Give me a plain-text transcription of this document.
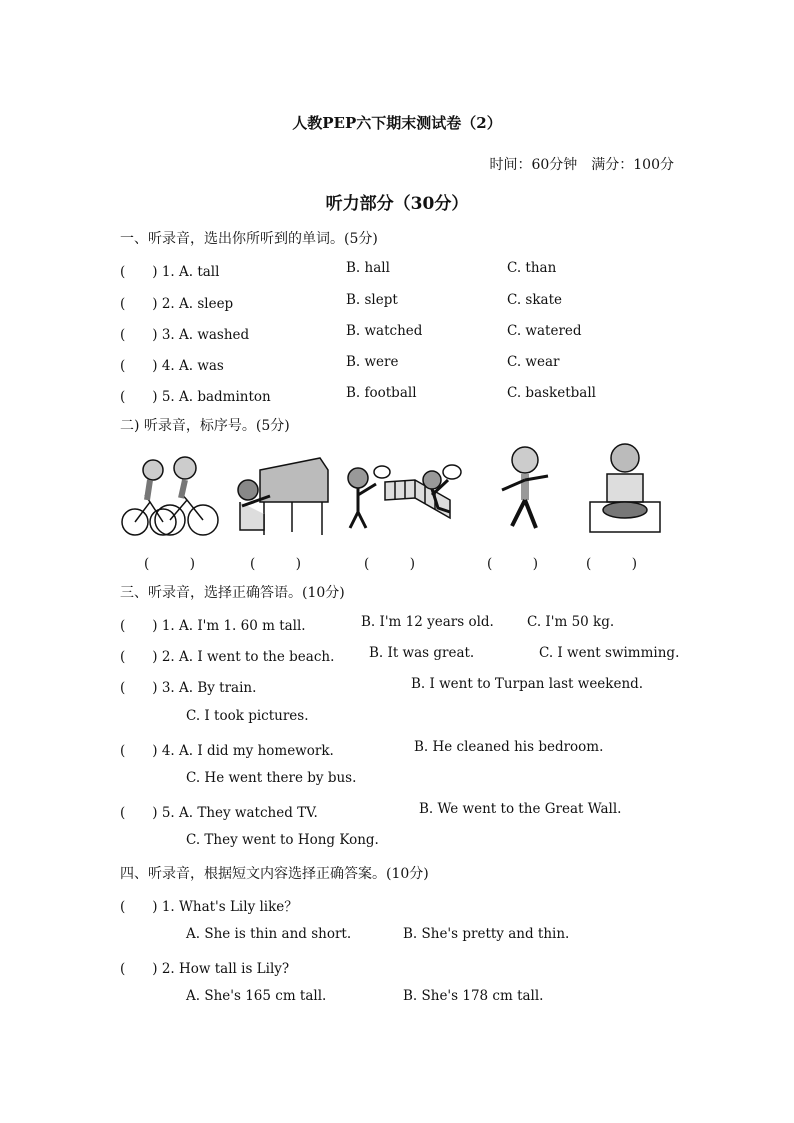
人教PEP六下期末测试卷（2）
时间：60分钟　满分：100分
听力部分（30分）
一、听录音，选出你所听到的单词。(5分)
(　　) 1. A. tall	B. hall	C. than
(　　) 2. A. sleep	B. slept	C. skate
(　　) 3. A. washed	B. watched	C. watered
(　　) 4. A. was	B. were	C. wear
(　　) 5. A. badminton	B. football	C. basketball
二) 听录音，标序号。(5分)
(　　　)	(　　　)	(　　　)	(　　　)	(　　　)
三、听录音，选择正确答语。(10分)
(　　) 1. A. I'm 1. 60 m tall.	B. I'm 12 years old. C. I'm 50 kg.
(　　) 2. A. I went to the beach.	B. It was great.	C. I went swimming.
(　　) 3. A. By train.	B. I went to Turpan last weekend.
C. I took pictures.
(　　) 4. A. I did my homework.	B. He cleaned his bedroom.
C. He went there by bus.
(　　) 5. A. They watched TV.	B. We went to the Great Wall.
C. They went to Hong Kong.
四、听录音，根据短文内容选择正确答案。(10分)
(　　) 1. What's Lily like？
A. She is thin and short.	B. She's pretty and thin.
(　　) 2. How tall is Lily?
A. She's 165 cm tall.	B. She's 178 cm tall.
